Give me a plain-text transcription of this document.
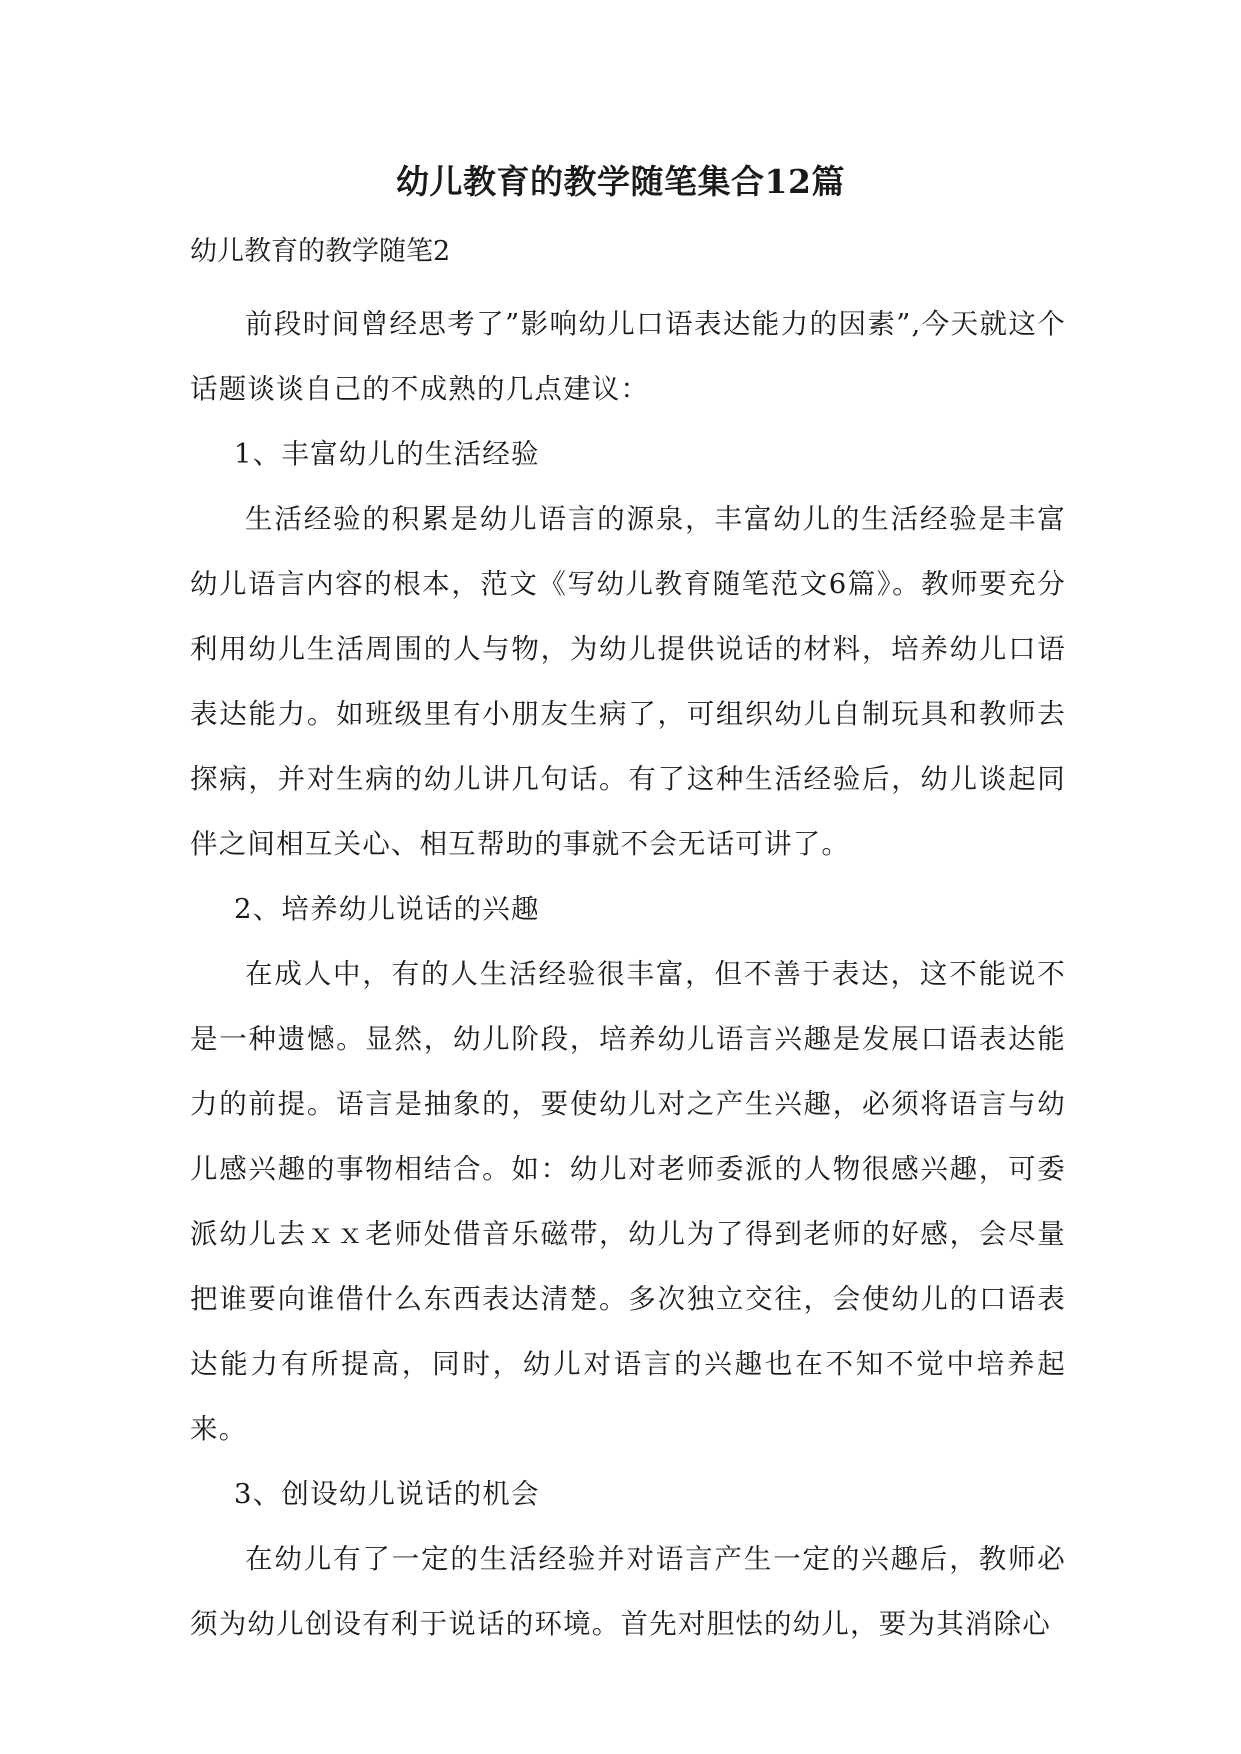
幼儿教育的教学随笔集合12篇
幼儿教育的教学随笔2

前段时间曾经思考了”影响幼儿口语表达能力的因素”,今天就这个话题谈谈自己的不成熟的几点建议：

1、丰富幼儿的生活经验

生活经验的积累是幼儿语言的源泉，丰富幼儿的生活经验是丰富幼儿语言内容的根本，范文《写幼儿教育随笔范文6篇》。教师要充分利用幼儿生活周围的人与物，为幼儿提供说话的材料，培养幼儿口语表达能力。如班级里有小朋友生病了，可组织幼儿自制玩具和教师去探病，并对生病的幼儿讲几句话。有了这种生活经验后，幼儿谈起同伴之间相互关心、相互帮助的事就不会无话可讲了。

2、培养幼儿说话的兴趣

在成人中，有的人生活经验很丰富，但不善于表达，这不能说不是一种遗憾。显然，幼儿阶段，培养幼儿语言兴趣是发展口语表达能力的前提。语言是抽象的，要使幼儿对之产生兴趣，必须将语言与幼儿感兴趣的事物相结合。如：幼儿对老师委派的人物很感兴趣，可委派幼儿去ｘｘ老师处借音乐磁带，幼儿为了得到老师的好感，会尽量把谁要向谁借什么东西表达清楚。多次独立交往，会使幼儿的口语表达能力有所提高，同时，幼儿对语言的兴趣也在不知不觉中培养起来。

3、创设幼儿说话的机会

在幼儿有了一定的生活经验并对语言产生一定的兴趣后，教师必须为幼儿创设有利于说话的环境。首先对胆怯的幼儿，要为其消除心
